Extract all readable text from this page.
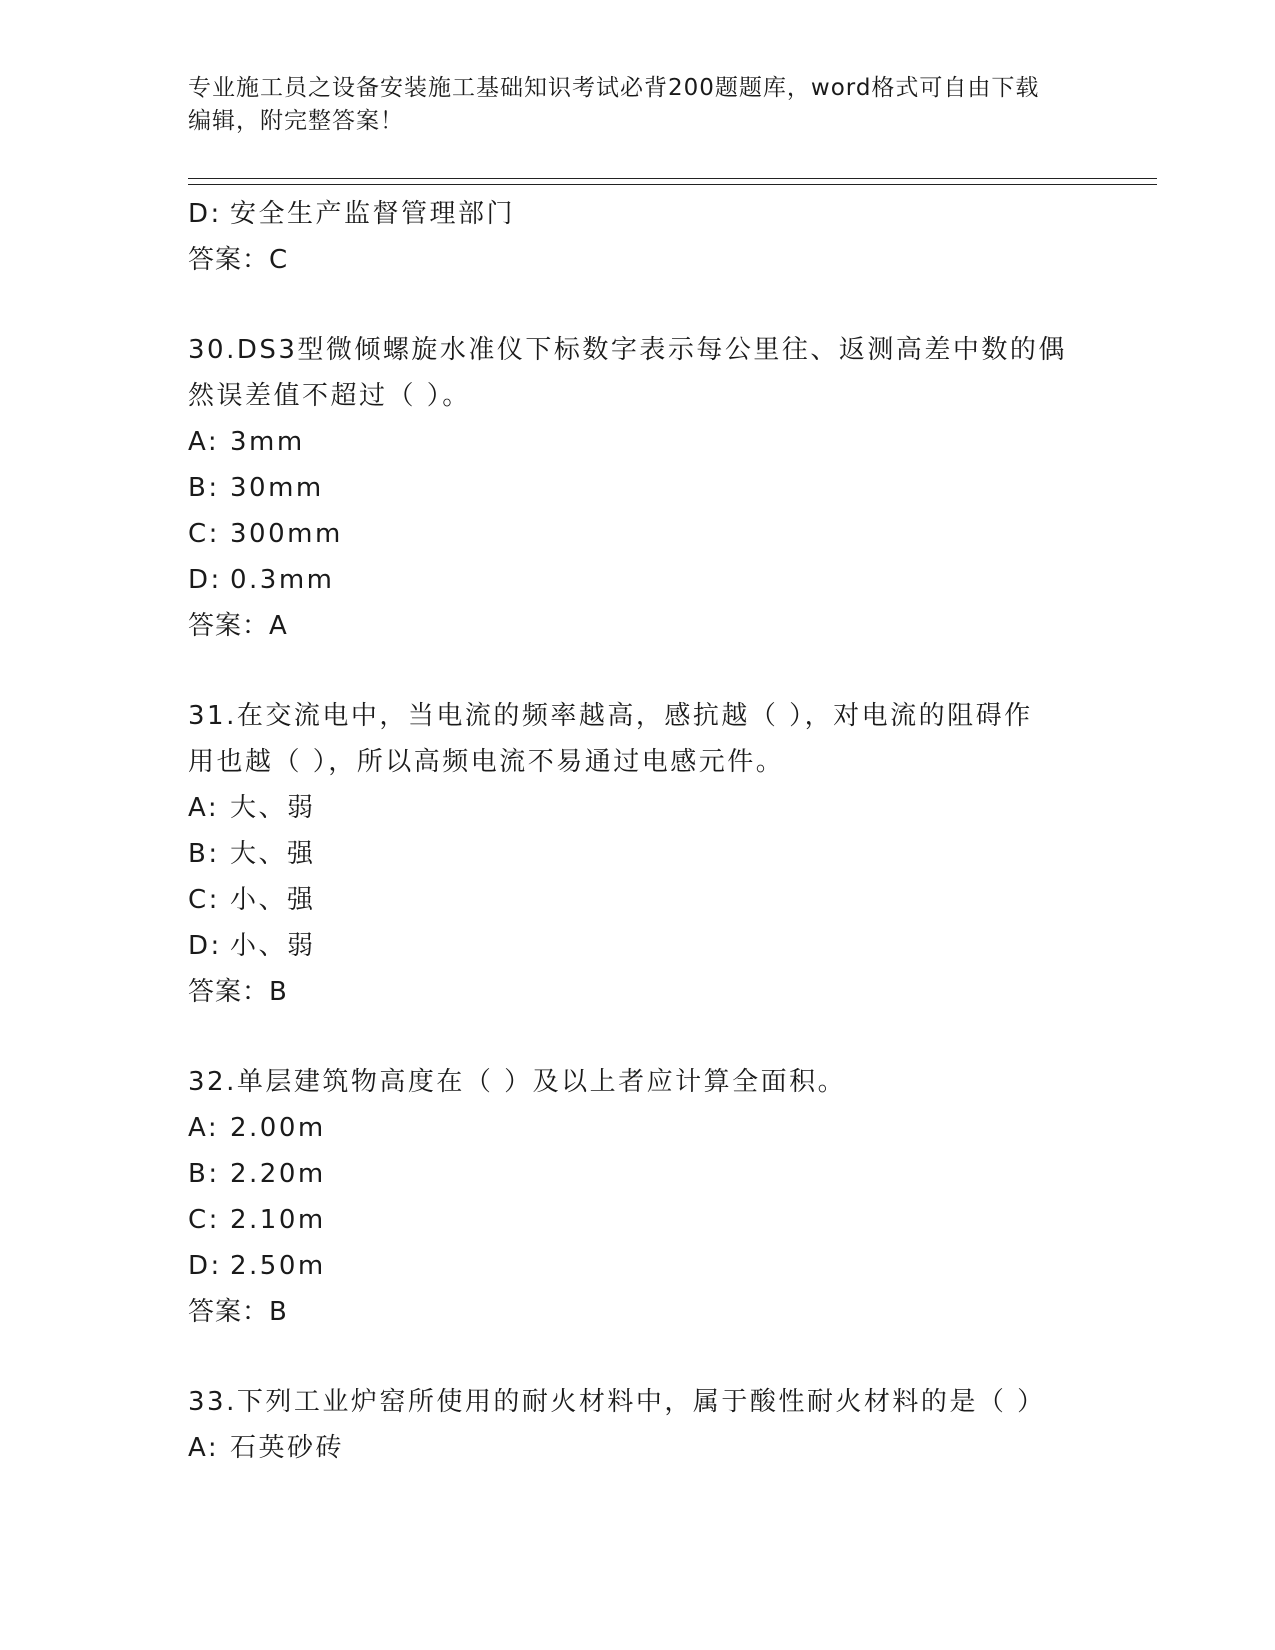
专业施工员之设备安装施工基础知识考试必背200题题库，word格式可自由下载
编辑，附完整答案！
D: 安全生产监督管理部门
答案：C
30.DS3型微倾螺旋水准仪下标数字表示每公里往、返测高差中数的偶
然误差值不超过（ ）。
A: 3mm
B: 30mm
C: 300mm
D: 0.3mm
答案：A
31.在交流电中，当电流的频率越高，感抗越（ ），对电流的阻碍作
用也越（ ），所以高频电流不易通过电感元件。
A: 大、弱
B: 大、强
C: 小、强
D: 小、弱
答案：B
32.单层建筑物高度在（ ）及以上者应计算全面积。
A: 2.00m
B: 2.20m
C: 2.10m
D: 2.50m
答案：B
33.下列工业炉窑所使用的耐火材料中，属于酸性耐火材料的是（ ）
A: 石英砂砖
